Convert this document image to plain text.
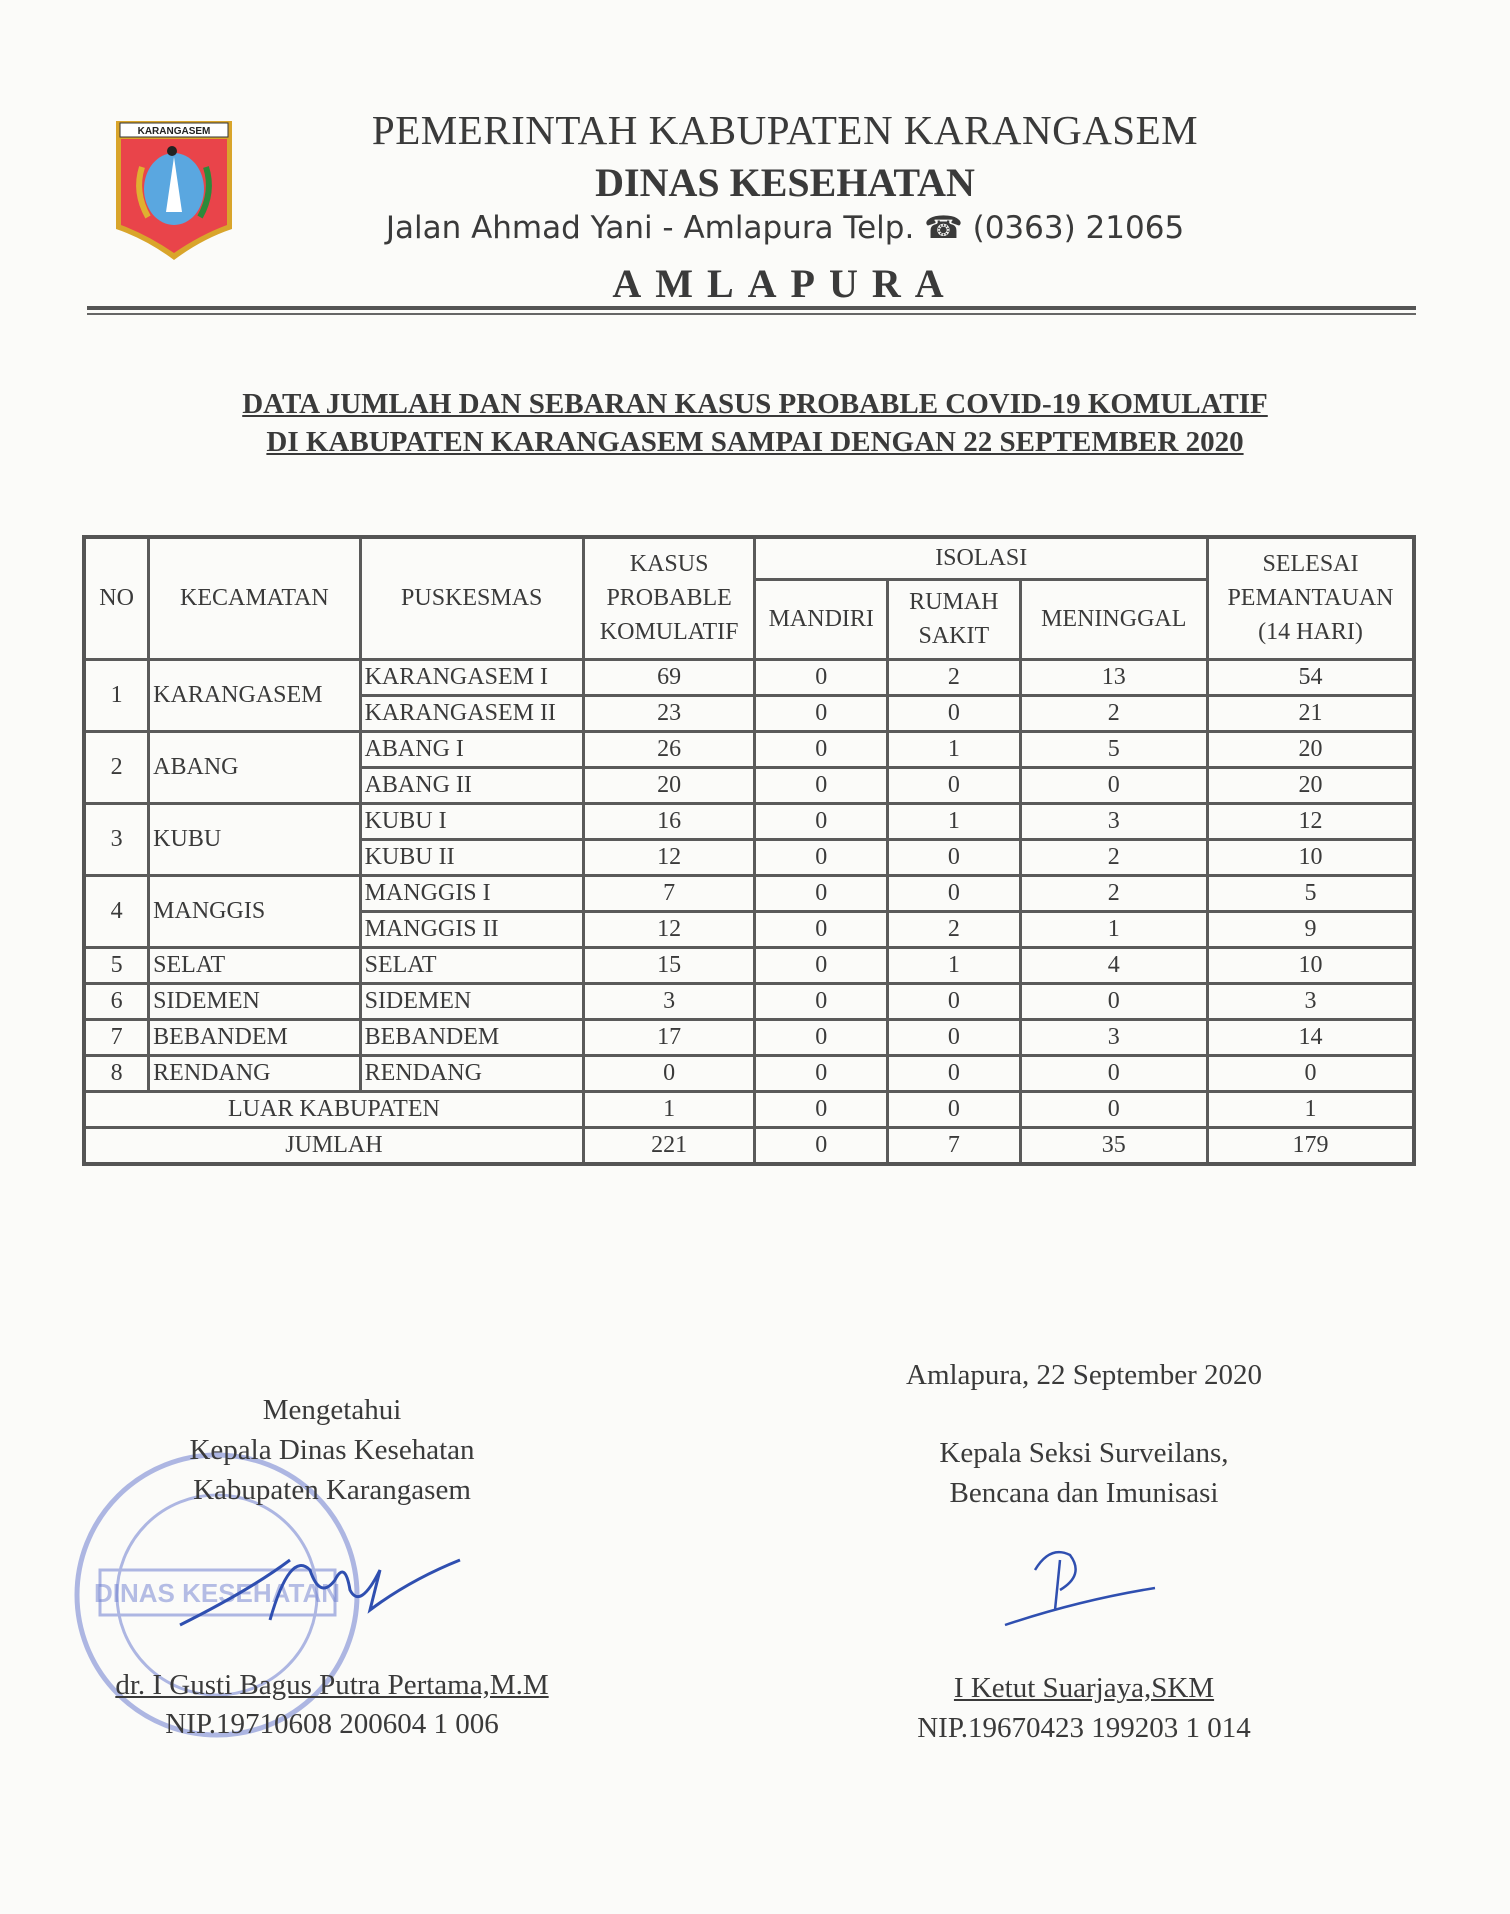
KARANGASEM	PEMERINTAH KABUPATEN KARANGASEM
DINAS KESEHATAN
Jalan Ahmad Yani - Amlapura Telp. ☎ (0363) 21065
AMLAPURA
DATA JUMLAH DAN SEBARAN KASUS PROBABLE COVID-19 KOMULATIF
DI KABUPATEN KARANGASEM SAMPAI DENGAN 22 SEPTEMBER 2020
NO	KECAMATAN	PUSKESMAS	KASUS PROBABLE KOMULATIF	ISOLASI			SELESAI PEMANTAUAN (14 HARI)
				MANDIRI	RUMAH SAKIT	MENINGGAL	
1	KARANGASEM	KARANGASEM I	69	0	2	13	54
		KARANGASEM II	23	0	0	2	21
2	ABANG	ABANG I	26	0	1	5	20
		ABANG II	20	0	0	0	20
3	KUBU	KUBU I	16	0	1	3	12
		KUBU II	12	0	0	2	10
4	MANGGIS	MANGGIS I	7	0	0	2	5
		MANGGIS II	12	0	2	1	9
5	SELAT	SELAT	15	0	1	4	10
6	SIDEMEN	SIDEMEN	3	0	0	0	3
7	BEBANDEM	BEBANDEM	17	0	0	3	14
8	RENDANG	RENDANG	0	0	0	0	0
LUAR KABUPATEN			1	0	0	0	1
JUMLAH			221	0	7	35	179
DINAS KESEHATAN
Mengetahui
Kepala Dinas Kesehatan
Kabupaten Karangasem
dr. I Gusti Bagus Putra Pertama,M.M
NIP.19710608 200604 1 006
Amlapura, 22 September 2020
Kepala Seksi Surveilans,
Bencana dan Imunisasi
I Ketut Suarjaya,SKM
NIP.19670423 199203 1 014
